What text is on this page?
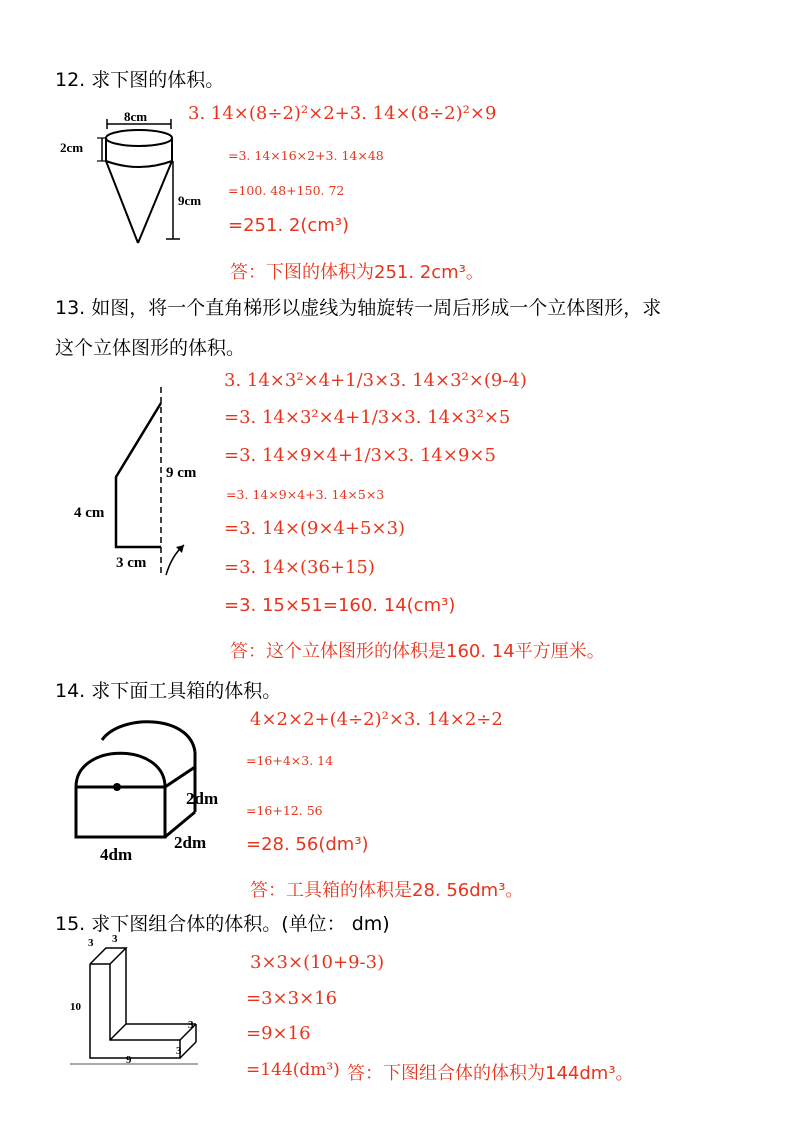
12. 求下图的体积。
8cm
2cm
9cm
3. 14×(8÷2)²×2+3. 14×(8÷2)²×9
=3. 14×16×2+3. 14×48
=100. 48+150. 72
=251. 2(cm³)
答：下图的体积为251. 2cm³。
13. 如图，将一个直角梯形以虚线为轴旋转一周后形成一个立体图形，求
这个立体图形的体积。
9 cm
4 cm
3 cm
3. 14×3²×4+1/3×3. 14×3²×(9-4)
=3. 14×3²×4+1/3×3. 14×3²×5
=3. 14×9×4+1/3×3. 14×9×5
=3. 14×9×4+3. 14×5×3
=3. 14×(9×4+5×3)
=3. 14×(36+15)
=3. 15×51=160. 14(cm³)
答：这个立体图形的体积是160. 14平方厘米。
14. 求下面工具箱的体积。
2dm
2dm
4dm
4×2×2+(4÷2)²×3. 14×2÷2
=16+4×3. 14
=16+12. 56
=28. 56(dm³)
答：工具箱的体积是28. 56dm³。
15. 求下图组合体的体积。(单位： dm)
3 3
10
3
3
9
3×3×(10+9-3)
=3×3×16
=9×16
=144(dm³) 答：下图组合体的体积为144dm³。
